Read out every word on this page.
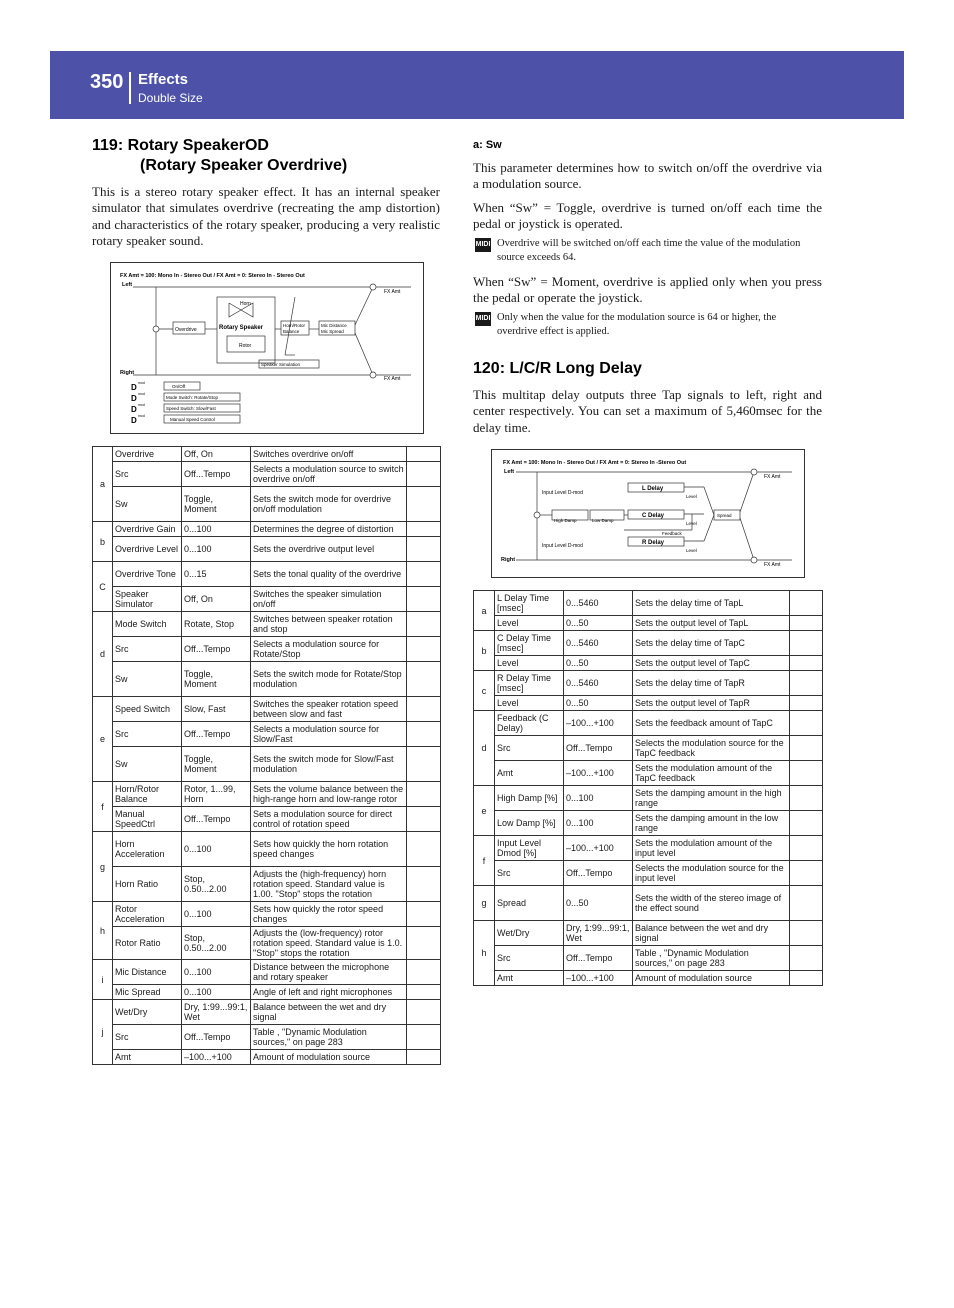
350 Effects
Double Size
119: Rotary SpeakerOD
(Rotary Speaker Overdrive)

This is a stereo rotary speaker effect. It has an internal speaker simulator that simulates overdrive (recreating the amp distortion) and characteristics of the rotary speaker, producing a very realistic rotary speaker sound.

FX Amt = 100: Mono In - Stereo Out / FX Amt = 0: Stereo In - Stereo Out
Left
Right
FX Amt
FX Amt
Overdrive
Horn
Rotary Speaker
Rotor
Horn/Rotor
Balance
Mic Distance
Mic Spread
Speaker Simulation
D
D
D
D
mod
mod
mod
mod
On/Off
Mode Switch: Rotate/Stop
Speed Switch: Slow/Fast
Manual Speed Control
a	Overdrive	Off, On	Switches overdrive on/off	
	Src	Off...Tempo	Selects a modulation source to switch overdrive on/off	
	Sw	Toggle, Moment	Sets the switch mode for overdrive on/off modulation	
b	Overdrive Gain	0...100	Determines the degree of distortion	
	Overdrive Level	0...100	Sets the overdrive output level	
C	Overdrive Tone	0...15	Sets the tonal quality of the overdrive	
	Speaker Simulator	Off, On	Switches the speaker simulation on/off	
d	Mode Switch	Rotate, Stop	Switches between speaker rotation and stop	
	Src	Off...Tempo	Selects a modulation source for Rotate/Stop	
	Sw	Toggle, Moment	Sets the switch mode for Rotate/Stop modulation	
e	Speed Switch	Slow, Fast	Switches the speaker rotation speed between slow and fast	
	Src	Off...Tempo	Selects a modulation source for Slow/Fast	
	Sw	Toggle, Moment	Sets the switch mode for Slow/Fast modulation	
f	Horn/Rotor Balance	Rotor, 1...99, Horn	Sets the volume balance between the high-range horn and low-range rotor	
	Manual SpeedCtrl	Off...Tempo	Sets a modulation source for direct control of rotation speed	
g	Horn Acceleration	0...100	Sets how quickly the horn rotation speed changes	
	Horn Ratio	Stop, 0.50...2.00	Adjusts the (high-frequency) horn rotation speed. Standard value is 1.00. "Stop" stops the rotation	
h	Rotor Acceleration	0...100	Sets how quickly the rotor speed changes	
	Rotor Ratio	Stop, 0.50...2.00	Adjusts the (low-frequency) rotor rotation speed. Standard value is 1.0. "Stop" stops the rotation	
i	Mic Distance	0...100	Distance between the microphone and rotary speaker	
	Mic Spread	0...100	Angle of left and right microphones	
j	Wet/Dry	Dry, 1:99...99:1, Wet	Balance between the wet and dry signal	
	Src	Off...Tempo	Table , "Dynamic Modulation sources," on page 283	
	Amt	–100...+100	Amount of modulation source	
a: Sw

This parameter determines how to switch on/off the overdrive via a modulation source.

When “Sw” = Toggle, overdrive is turned on/off each time the pedal or joystick is operated.

MIDI Overdrive will be switched on/off each time the value of the modulation source exceeds 64.

When “Sw” = Moment, overdrive is applied only when you press the pedal or operate the joystick.

MIDI Only when the value for the modulation source is 64 or higher, the overdrive effect is applied.

120: L/C/R Long Delay

This multitap delay outputs three Tap signals to left, right and center respectively. You can set a maximum of 5,460msec for the delay time.

FX Amt = 100: Mono In - Stereo Out / FX Amt = 0: Stereo In -Stereo Out
Left
Right
FX Amt
FX Amt
Input Level D-mod
Input Level D-mod
High Damp	Low Damp
L Delay
C Delay
R Delay
Level
Level
Level
Feedback
Spread
a	L Delay Time [msec]	0...5460	Sets the delay time of TapL	
	Level	0...50	Sets the output level of TapL	
b	C Delay Time [msec]	0...5460	Sets the delay time of TapC	
	Level	0...50	Sets the output level of TapC	
c	R Delay Time [msec]	0...5460	Sets the delay time of TapR	
	Level	0...50	Sets the output level of TapR	
d	Feedback (C Delay)	–100...+100	Sets the feedback amount of TapC	
	Src	Off...Tempo	Selects the modulation source for the TapC feedback	
	Amt	–100...+100	Sets the modulation amount of the TapC feedback	
e	High Damp [%]	0...100	Sets the damping amount in the high range	
	Low Damp [%]	0...100	Sets the damping amount in the low range	
f	Input Level Dmod [%]	–100...+100	Sets the modulation amount of the input level	
	Src	Off...Tempo	Selects the modulation source for the input level	
g	Spread	0...50	Sets the width of the stereo image of the effect sound	
h	Wet/Dry	Dry, 1:99...99:1, Wet	Balance between the wet and dry signal	
	Src	Off...Tempo	Table , "Dynamic Modulation sources," on page 283	
	Amt	–100...+100	Amount of modulation source	
